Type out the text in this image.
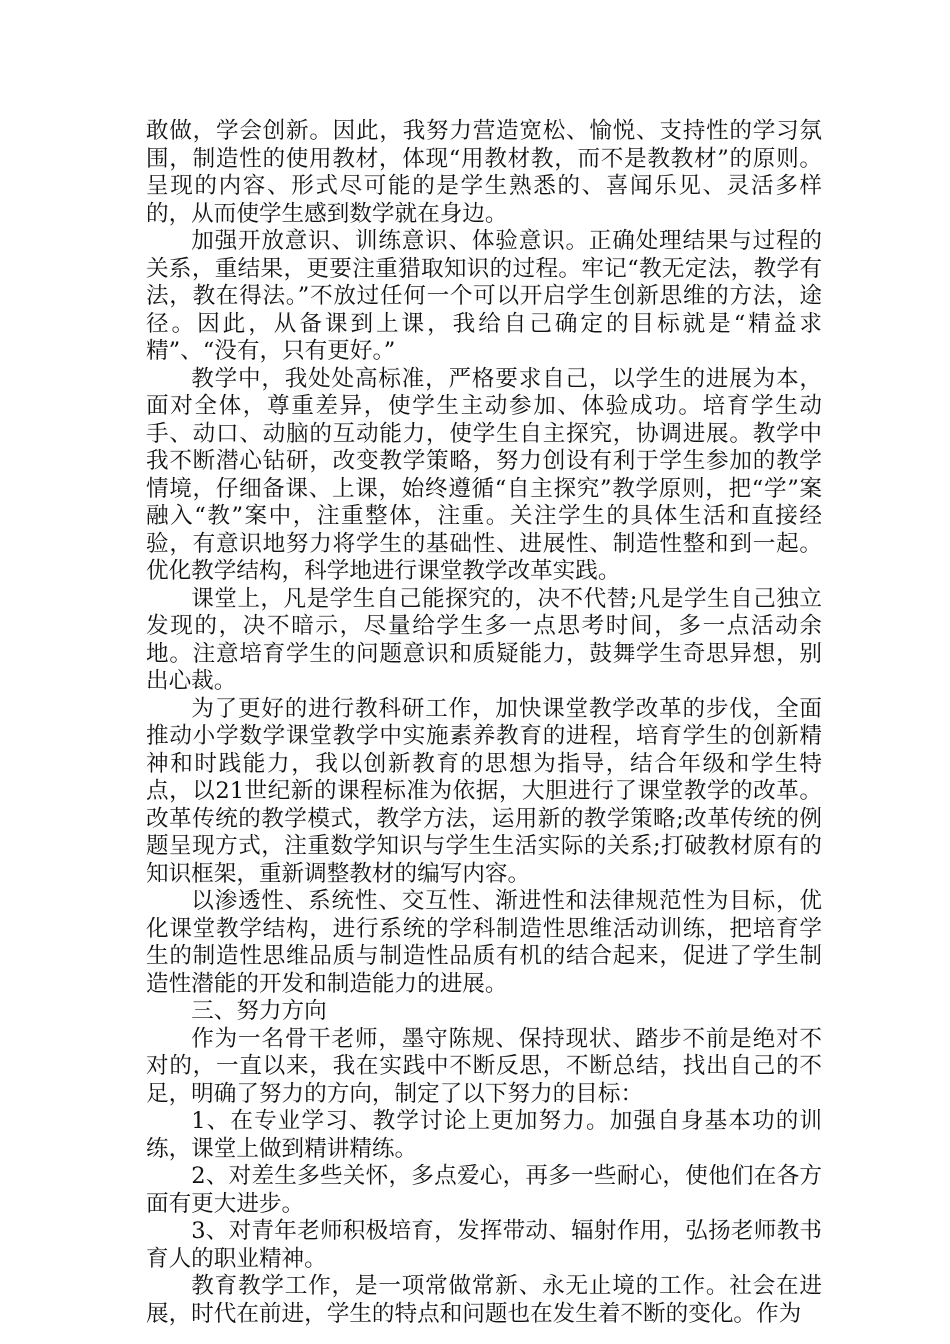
敢做，学会创新。因此，我努力营造宽松、愉悦、支持性的学习氛围，制造性的使用教材，体现“用教材教，而不是教教材”的原则。呈现的内容、形式尽可能的是学生熟悉的、喜闻乐见、灵活多样的，从而使学生感到数学就在身边。

加强开放意识、训练意识、体验意识。正确处理结果与过程的关系，重结果，更要注重猎取知识的过程。牢记“教无定法，教学有法，教在得法。”不放过任何一个可以开启学生创新思维的方法，途径。因此，从备课到上课，我给自己确定的目标就是“精益求精”、“没有，只有更好。”

教学中，我处处高标准，严格要求自己，以学生的进展为本，面对全体，尊重差异，使学生主动参加、体验成功。培育学生动手、动口、动脑的互动能力，使学生自主探究，协调进展。教学中我不断潜心钻研，改变教学策略，努力创设有利于学生参加的教学情境，仔细备课、上课，始终遵循“自主探究”教学原则，把“学”案融入“教”案中，注重整体，注重。关注学生的具体生活和直接经验，有意识地努力将学生的基础性、进展性、制造性整和到一起。优化教学结构，科学地进行课堂教学改革实践。

课堂上，凡是学生自己能探究的，决不代替;凡是学生自己独立发现的，决不暗示，尽量给学生多一点思考时间，多一点活动余地。注意培育学生的问题意识和质疑能力，鼓舞学生奇思异想，别出心裁。

为了更好的进行教科研工作，加快课堂教学改革的步伐，全面推动小学数学课堂教学中实施素养教育的进程，培育学生的创新精神和时践能力，我以创新教育的思想为指导，结合年级和学生特点，以21世纪新的课程标准为依据，大胆进行了课堂教学的改革。改革传统的教学模式，教学方法，运用新的教学策略;改革传统的例题呈现方式，注重数学知识与学生生活实际的关系;打破教材原有的知识框架，重新调整教材的编写内容。

以渗透性、系统性、交互性、渐进性和法律规范性为目标，优化课堂教学结构，进行系统的学科制造性思维活动训练，把培育学生的制造性思维品质与制造性品质有机的结合起来，促进了学生制造性潜能的开发和制造能力的进展。

三、努力方向

作为一名骨干老师，墨守陈规、保持现状、踏步不前是绝对不对的，一直以来，我在实践中不断反思，不断总结，找出自己的不足，明确了努力的方向，制定了以下努力的目标：

1、在专业学习、教学讨论上更加努力。加强自身基本功的训练，课堂上做到精讲精练。

2、对差生多些关怀，多点爱心，再多一些耐心，使他们在各方面有更大进步。

3、对青年老师积极培育，发挥带动、辐射作用，弘扬老师教书育人的职业精神。

教育教学工作，是一项常做常新、永无止境的工作。社会在进展，时代在前进，学生的特点和问题也在发生着不断的变化。作为
